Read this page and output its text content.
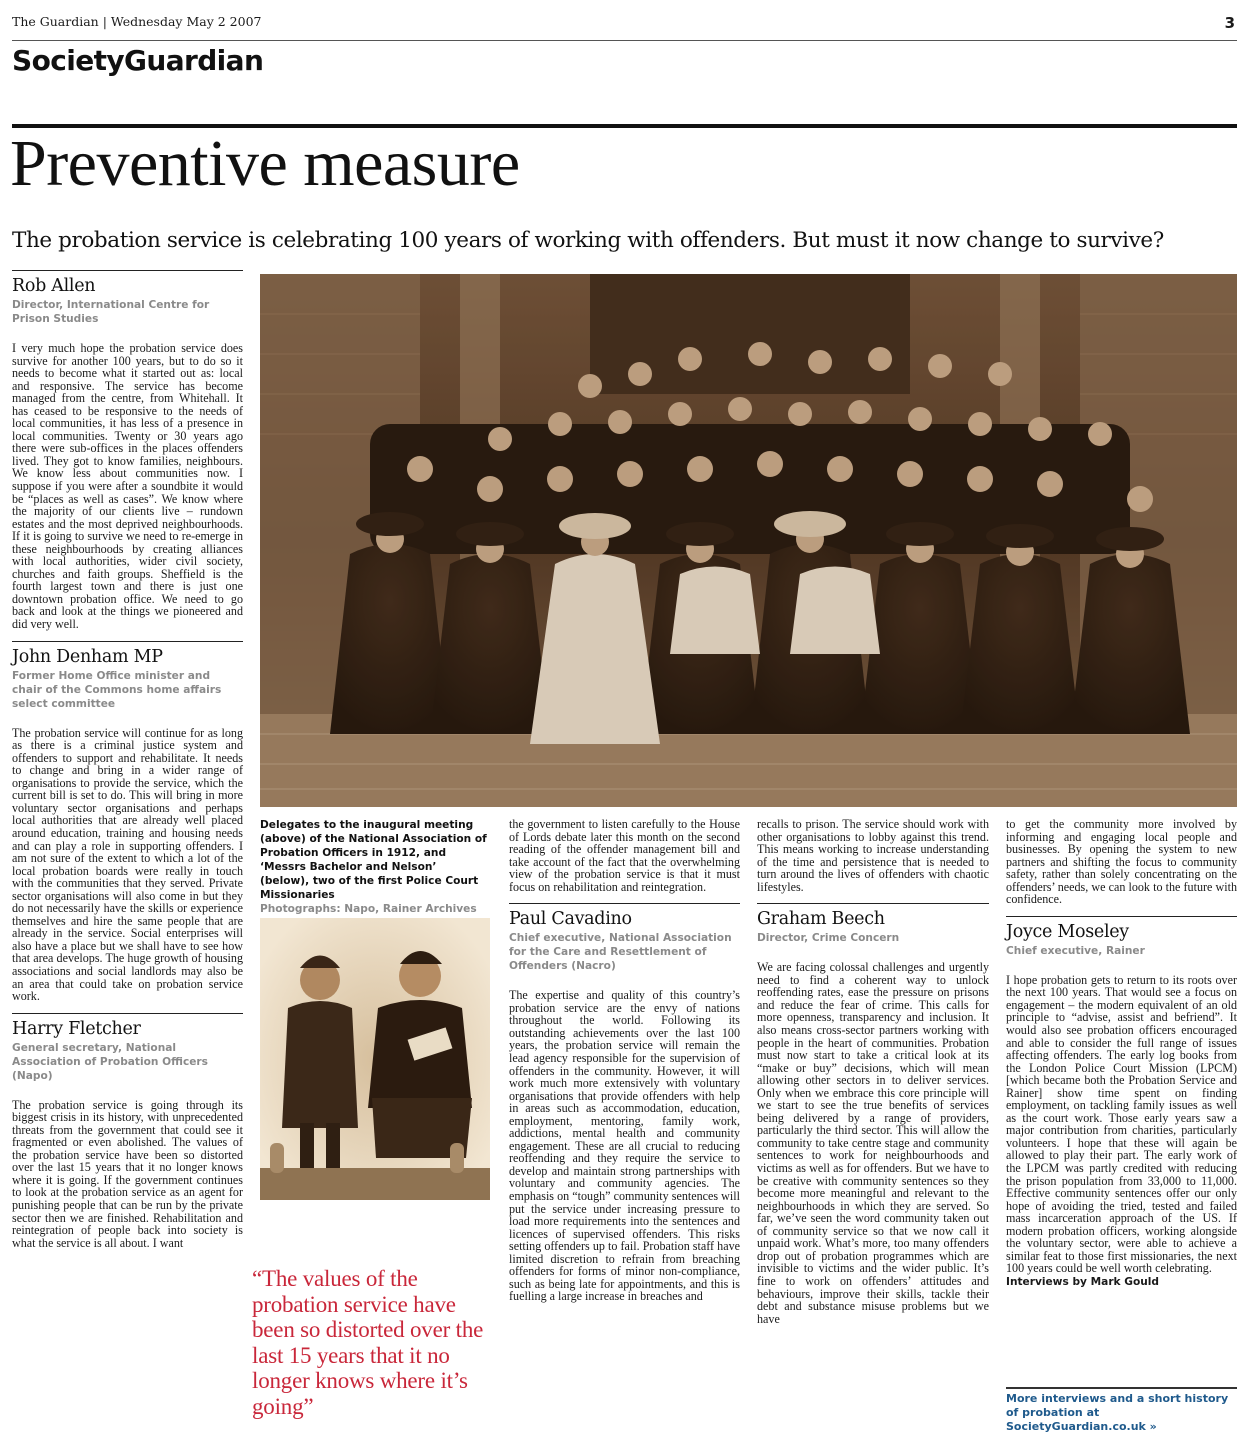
The Guardian | Wednesday May 2 2007	3
SocietyGuardian
Preventive measure
The probation service is celebrating 100 years of working with offenders. But must it now change to survive?
Rob Allen
Director, International Centre for Prison Studies

I very much hope the probation service does survive for another 100 years, but to do so it needs to become what it started out as: local and responsive. The service has become managed from the centre, from Whitehall. It has ceased to be responsive to the needs of local communities, it has less of a presence in local communities. Twenty or 30 years ago there were sub-offices in the places offenders lived. They got to know families, neighbours. We know less about communities now. I suppose if you were after a soundbite it would be “places as well as cases”. We know where the majority of our clients live – rundown estates and the most deprived neighbourhoods. If it is going to survive we need to re-emerge in these neighbourhoods by creating alliances with local authorities, wider civil society, churches and faith groups. Sheffield is the fourth largest town and there is just one downtown probation office. We need to go back and look at the things we pioneered and did very well.

John Denham MP
Former Home Office minister and chair of the Commons home affairs select committee

The probation service will continue for as long as there is a criminal justice system and offenders to support and rehabilitate. It needs to change and bring in a wider range of organisations to provide the service, which the current bill is set to do. This will bring in more voluntary sector organisations and perhaps local authorities that are already well placed around education, training and housing needs and can play a role in supporting offenders. I am not sure of the extent to which a lot of the local probation boards were really in touch with the communities that they served. Private sector organisations will also come in but they do not necessarily have the skills or experience themselves and hire the same people that are already in the service. Social enterprises will also have a place but we shall have to see how that area develops. The huge growth of housing associations and social landlords may also be an area that could take on probation service work.

Harry Fletcher
General secretary, National Association of Probation Officers (Napo)

The probation service is going through its biggest crisis in its history, with unprecedented threats from the government that could see it fragmented or even abolished. The values of the probation service have been so distorted over the last 15 years that it no longer knows where it is going. If the government continues to look at the probation service as an agent for punishing people that can be run by the private sector then we are finished. Rehabilitation and reintegration of people back into society is what the service is all about. I want

Delegates to the inaugural meeting (above) of the National Association of Probation Officers in 1912, and ‘Messrs Bachelor and Nelson’ (below), two of the first Police Court Missionaries
Photographs: Napo, Rainer Archives
“The values of the probation service have been so distorted over the last 15 years that it no longer knows where it’s going”

the government to listen carefully to the House of Lords debate later this month on the second reading of the offender management bill and take account of the fact that the overwhelming view of the probation service is that it must focus on rehabilitation and reintegration.

Paul Cavadino
Chief executive, National Association for the Care and Resettlement of Offenders (Nacro)

The expertise and quality of this country’s probation service are the envy of nations throughout the world. Following its outstanding achievements over the last 100 years, the probation service will remain the lead agency responsible for the supervision of offenders in the community. However, it will work much more extensively with voluntary organisations that provide offenders with help in areas such as accommodation, education, employment, mentoring, family work, addictions, mental health and community engagement. These are all crucial to reducing reoffending and they require the service to develop and maintain strong partnerships with voluntary and community agencies. The emphasis on “tough” community sentences will put the service under increasing pressure to load more requirements into the sentences and licences of supervised offenders. This risks setting offenders up to fail. Probation staff have limited discretion to refrain from breaching offenders for forms of minor non-compliance, such as being late for appointments, and this is fuelling a large increase in breaches and

recalls to prison. The service should work with other organisations to lobby against this trend. This means working to increase understanding of the time and persistence that is needed to turn around the lives of offenders with chaotic lifestyles.

Graham Beech
Director, Crime Concern

We are facing colossal challenges and urgently need to find a coherent way to unlock reoffending rates, ease the pressure on prisons and reduce the fear of crime. This calls for more openness, transparency and inclusion. It also means cross-sector partners working with people in the heart of communities. Probation must now start to take a critical look at its “make or buy” decisions, which will mean allowing other sectors in to deliver services. Only when we embrace this core principle will we start to see the true benefits of services being delivered by a range of providers, particularly the third sector. This will allow the community to take centre stage and community sentences to work for neighbourhoods and victims as well as for offenders. But we have to be creative with community sentences so they become more meaningful and relevant to the neighbourhoods in which they are served. So far, we’ve seen the word community taken out of community service so that we now call it unpaid work. What’s more, too many offenders drop out of probation programmes which are invisible to victims and the wider public. It’s fine to work on offenders’ attitudes and behaviours, improve their skills, tackle their debt and substance misuse problems but we have

to get the community more involved by informing and engaging local people and businesses. By opening the system to new partners and shifting the focus to community safety, rather than solely concentrating on the offenders’ needs, we can look to the future with confidence.

Joyce Moseley
Chief executive, Rainer

I hope probation gets to return to its roots over the next 100 years. That would see a focus on engagement – the modern equivalent of an old principle to “advise, assist and befriend”. It would also see probation officers encouraged and able to consider the full range of issues affecting offenders. The early log books from the London Police Court Mission (LPCM) [which became both the Probation Service and Rainer] show time spent on finding employment, on tackling family issues as well as the court work. Those early years saw a major contribution from charities, particularly volunteers. I hope that these will again be allowed to play their part. The early work of the LPCM was partly credited with reducing the prison population from 33,000 to 11,000. Effective community sentences offer our only hope of avoiding the tried, tested and failed mass incarceration approach of the US. If modern probation officers, working alongside the voluntary sector, were able to achieve a similar feat to those first missionaries, the next 100 years could be well worth celebrating.

Interviews by Mark Gould
More interviews and a short history of probation at SocietyGuardian.co.uk »
